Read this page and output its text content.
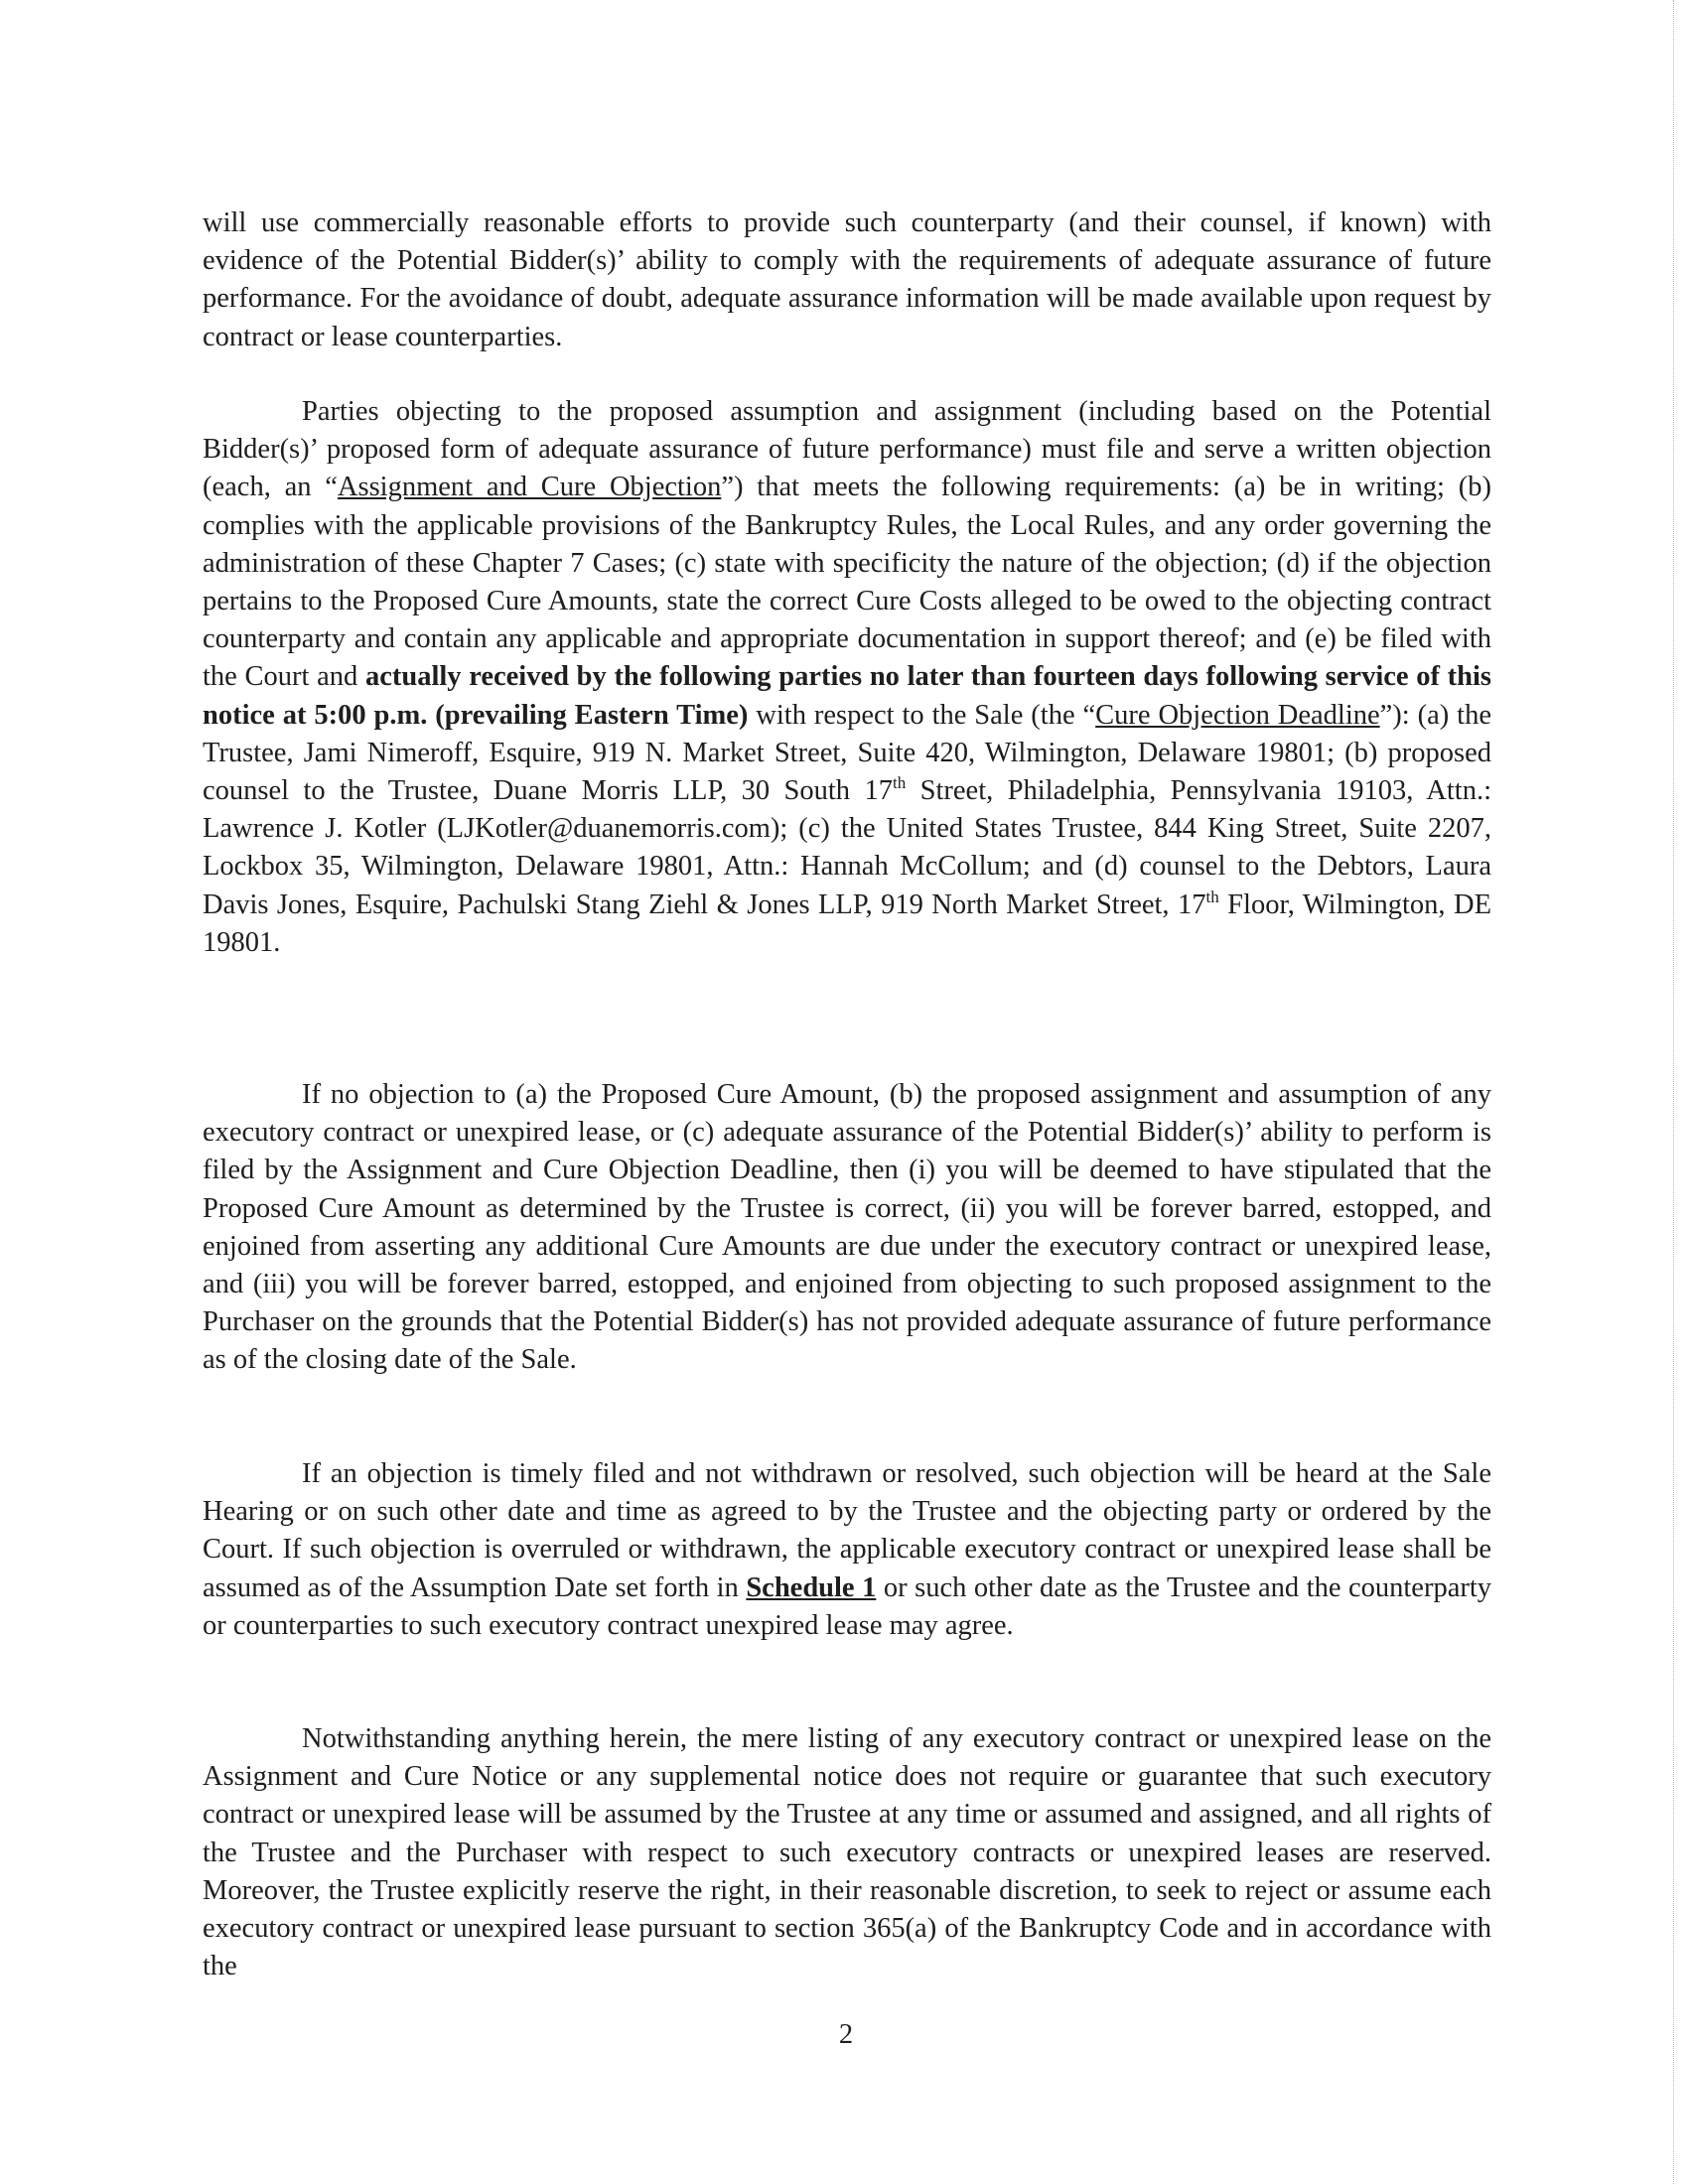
will use commercially reasonable efforts to provide such counterparty (and their counsel, if known) with evidence of the Potential Bidder(s)’ ability to comply with the requirements of adequate assurance of future performance. For the avoidance of doubt, adequate assurance information will be made available upon request by contract or lease counterparties.

Parties objecting to the proposed assumption and assignment (including based on the Potential Bidder(s)’ proposed form of adequate assurance of future performance) must file and serve a written objection (each, an “Assignment and Cure Objection”) that meets the following requirements: (a) be in writing; (b) complies with the applicable provisions of the Bankruptcy Rules, the Local Rules, and any order governing the administration of these Chapter 7 Cases; (c) state with specificity the nature of the objection; (d) if the objection pertains to the Proposed Cure Amounts, state the correct Cure Costs alleged to be owed to the objecting contract counterparty and contain any applicable and appropriate documentation in support thereof; and (e) be filed with the Court and actually received by the following parties no later than fourteen days following service of this notice at 5:00 p.m. (prevailing Eastern Time) with respect to the Sale (the “Cure Objection Deadline”): (a) the Trustee, Jami Nimeroff, Esquire, 919 N. Market Street, Suite 420, Wilmington, Delaware 19801; (b) proposed counsel to the Trustee, Duane Morris LLP, 30 South 17th Street, Philadelphia, Pennsylvania 19103, Attn.: Lawrence J. Kotler (LJKotler@duanemorris.com); (c) the United States Trustee, 844 King Street, Suite 2207, Lockbox 35, Wilmington, Delaware 19801, Attn.: Hannah McCollum; and (d) counsel to the Debtors, Laura Davis Jones, Esquire, Pachulski Stang Ziehl & Jones LLP, 919 North Market Street, 17th Floor, Wilmington, DE 19801.

If no objection to (a) the Proposed Cure Amount, (b) the proposed assignment and assumption of any executory contract or unexpired lease, or (c) adequate assurance of the Potential Bidder(s)’ ability to perform is filed by the Assignment and Cure Objection Deadline, then (i) you will be deemed to have stipulated that the Proposed Cure Amount as determined by the Trustee is correct, (ii) you will be forever barred, estopped, and enjoined from asserting any additional Cure Amounts are due under the executory contract or unexpired lease, and (iii) you will be forever barred, estopped, and enjoined from objecting to such proposed assignment to the Purchaser on the grounds that the Potential Bidder(s) has not provided adequate assurance of future performance as of the closing date of the Sale.

If an objection is timely filed and not withdrawn or resolved, such objection will be heard at the Sale Hearing or on such other date and time as agreed to by the Trustee and the objecting party or ordered by the Court. If such objection is overruled or withdrawn, the applicable executory contract or unexpired lease shall be assumed as of the Assumption Date set forth in Schedule 1 or such other date as the Trustee and the counterparty or counterparties to such executory contract unexpired lease may agree.

Notwithstanding anything herein, the mere listing of any executory contract or unexpired lease on the Assignment and Cure Notice or any supplemental notice does not require or guarantee that such executory contract or unexpired lease will be assumed by the Trustee at any time or assumed and assigned, and all rights of the Trustee and the Purchaser with respect to such executory contracts or unexpired leases are reserved. Moreover, the Trustee explicitly reserve the right, in their reasonable discretion, to seek to reject or assume each executory contract or unexpired lease pursuant to section 365(a) of the Bankruptcy Code and in accordance with the

2
